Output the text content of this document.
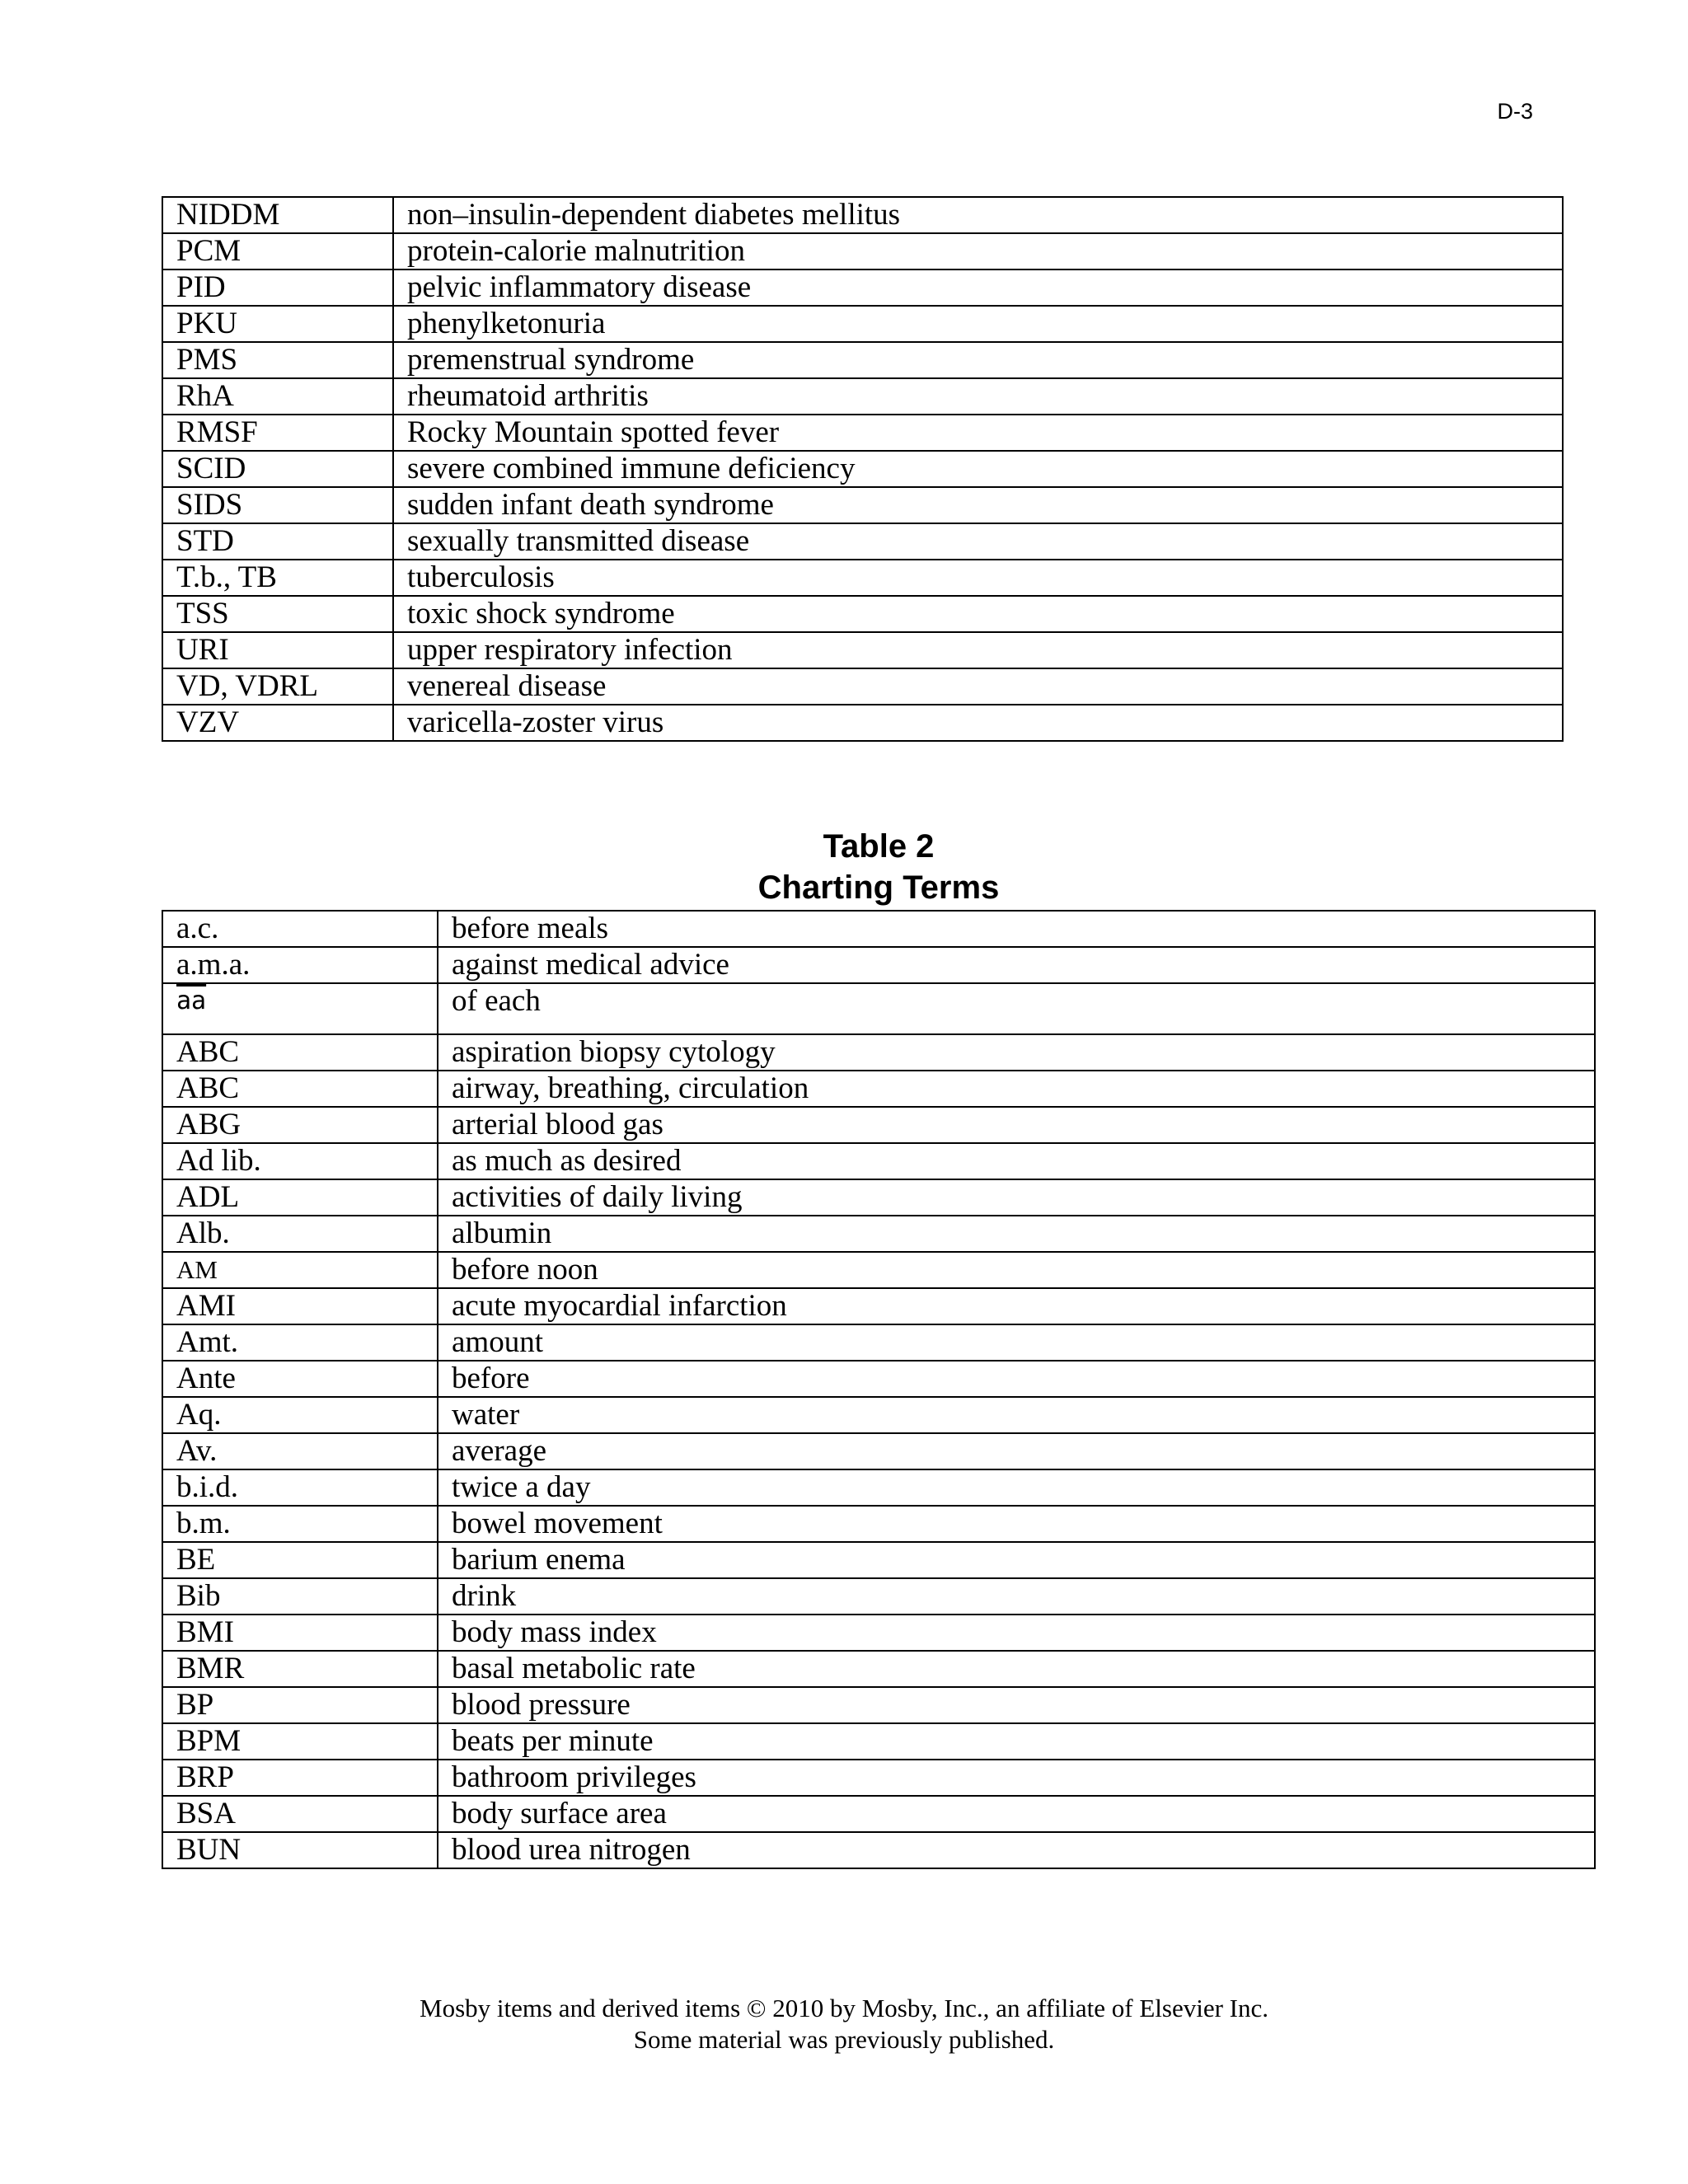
D-3
NIDDM	non–insulin-dependent diabetes mellitus
PCM	protein-calorie malnutrition
PID	pelvic inflammatory disease
PKU	phenylketonuria
PMS	premenstrual syndrome
RhA	rheumatoid arthritis
RMSF	Rocky Mountain spotted fever
SCID	severe combined immune deficiency
SIDS	sudden infant death syndrome
STD	sexually transmitted disease
T.b., TB	tuberculosis
TSS	toxic shock syndrome
URI	upper respiratory infection
VD, VDRL	venereal disease
VZV	varicella-zoster virus
Table 2
Charting Terms
a.c.	before meals
a.m.a.	against medical advice
$\overline{aa}$	of each
ABC	aspiration biopsy cytology
ABC	airway, breathing, circulation
ABG	arterial blood gas
Ad lib.	as much as desired
ADL	activities of daily living
Alb.	albumin
AM	before noon
AMI	acute myocardial infarction
Amt.	amount
Ante	before
Aq.	water
Av.	average
b.i.d.	twice a day
b.m.	bowel movement
BE	barium enema
Bib	drink
BMI	body mass index
BMR	basal metabolic rate
BP	blood pressure
BPM	beats per minute
BRP	bathroom privileges
BSA	body surface area
BUN	blood urea nitrogen
Mosby items and derived items © 2010 by Mosby, Inc., an affiliate of Elsevier Inc.
Some material was previously published.
